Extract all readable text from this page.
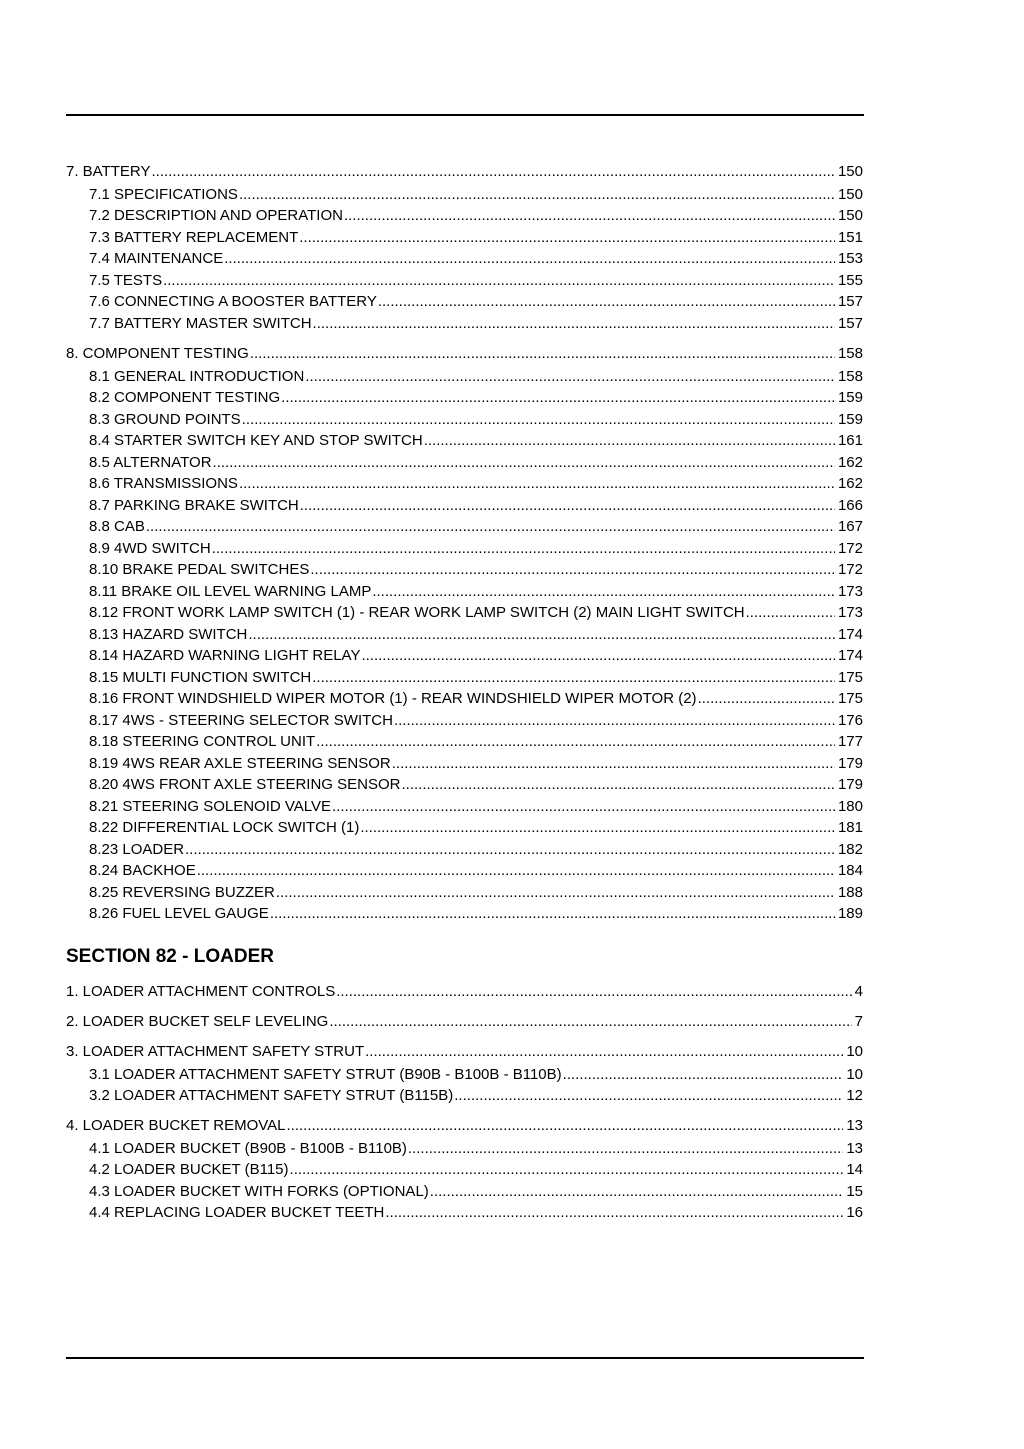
7. BATTERY .....	150
7.1 SPECIFICATIONS .....	150
7.2 DESCRIPTION AND OPERATION .....	150
7.3 BATTERY REPLACEMENT .....	151
7.4 MAINTENANCE .....	153
7.5 TESTS .....	155
7.6 CONNECTING A BOOSTER BATTERY .....	157
7.7 BATTERY MASTER SWITCH .....	157
8. COMPONENT TESTING .....	158
8.1 GENERAL INTRODUCTION .....	158
8.2 COMPONENT TESTING .....	159
8.3 GROUND POINTS .....	159
8.4 STARTER SWITCH KEY AND STOP SWITCH .....	161
8.5 ALTERNATOR .....	162
8.6 TRANSMISSIONS .....	162
8.7 PARKING BRAKE SWITCH .....	166
8.8 CAB .....	167
8.9 4WD SWITCH .....	172
8.10 BRAKE PEDAL SWITCHES .....	172
8.11 BRAKE OIL LEVEL WARNING LAMP .....	173
8.12 FRONT WORK LAMP SWITCH (1) - REAR WORK LAMP SWITCH (2) MAIN LIGHT SWITCH .....	173
8.13 HAZARD SWITCH .....	174
8.14 HAZARD WARNING LIGHT RELAY .....	174
8.15 MULTI FUNCTION SWITCH .....	175
8.16 FRONT WINDSHIELD WIPER MOTOR (1) - REAR WINDSHIELD WIPER MOTOR (2) .....	175
8.17 4WS - STEERING SELECTOR SWITCH .....	176
8.18 STEERING CONTROL UNIT .....	177
8.19 4WS REAR AXLE STEERING SENSOR .....	179
8.20 4WS FRONT AXLE STEERING SENSOR .....	179
8.21 STEERING SOLENOID VALVE .....	180
8.22 DIFFERENTIAL LOCK SWITCH (1) .....	181
8.23 LOADER .....	182
8.24 BACKHOE .....	184
8.25 REVERSING BUZZER .....	188
8.26 FUEL LEVEL GAUGE .....	189
SECTION 82 - LOADER
1. LOADER ATTACHMENT CONTROLS .....	4
2. LOADER BUCKET SELF LEVELING .....	7
3. LOADER ATTACHMENT SAFETY STRUT .....	10
3.1 LOADER ATTACHMENT SAFETY STRUT (B90B - B100B - B110B) .....	10
3.2 LOADER ATTACHMENT SAFETY STRUT (B115B) .....	12
4. LOADER BUCKET REMOVAL .....	13
4.1 LOADER BUCKET (B90B - B100B - B110B) .....	13
4.2 LOADER BUCKET (B115) .....	14
4.3 LOADER BUCKET WITH FORKS (OPTIONAL) .....	15
4.4 REPLACING LOADER BUCKET TEETH .....	16
